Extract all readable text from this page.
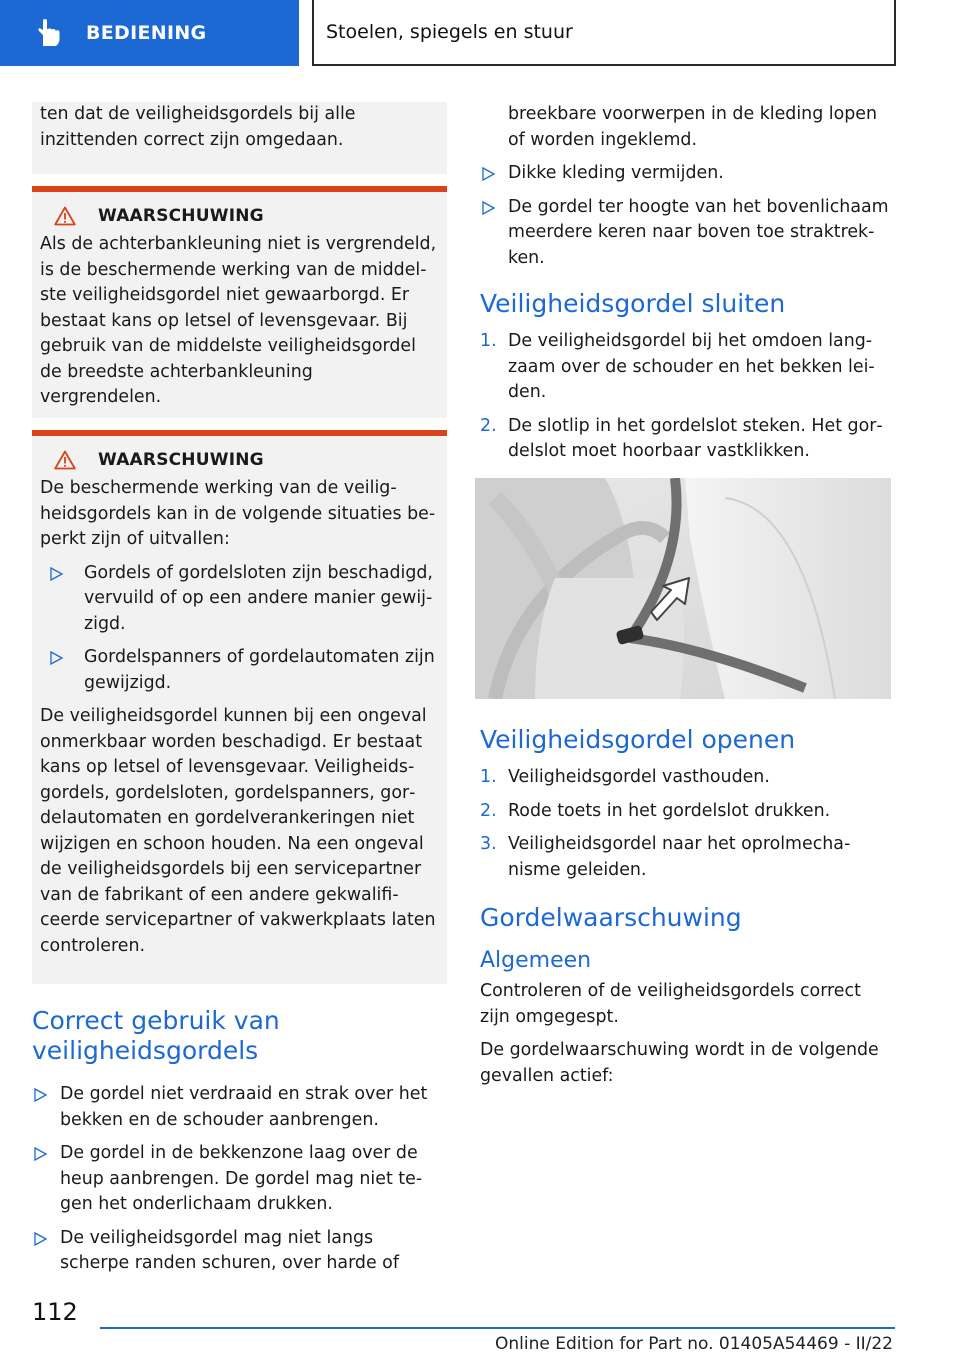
BEDIENING	Stoelen, spiegels en stuur

ten dat de veiligheidsgordels bij alle inzittenden correct zijn omgedaan.

WAARSCHUWING

Als de achterbankleuning niet is vergrendeld, is de beschermende werking van de middelste veiligheidsgordel niet gewaarborgd. Er bestaat kans op letsel of levensgevaar. Bij gebruik van de middelste veiligheidsgordel de breedste achterbankleuning vergrendelen.

WAARSCHUWING

De beschermende werking van de veiligheidsgordels kan in de volgende situaties beperkt zijn of uitvallen:

Gordels of gordelsloten zijn beschadigd, vervuild of op een andere manier gewijzigd.
Gordelspanners of gordelautomaten zijn gewijzigd.

De veiligheidsgordel kunnen bij een ongeval onmerkbaar worden beschadigd. Er bestaat kans op letsel of levensgevaar. Veiligheidsgordels, gordelsloten, gordelspanners, gordelautomaten en gordelverankeringen niet wijzigen en schoon houden. Na een ongeval de veiligheidsgordels bij een servicepartner van de fabrikant of een andere gekwalificeerde servicepartner of vakwerkplaats laten controleren.

Correct gebruik van veiligheidsgordels
De gordel niet verdraaid en strak over het bekken en de schouder aanbrengen.
De gordel in de bekkenzone laag over de heup aanbrengen. De gordel mag niet tegen het onderlichaam drukken.
De veiligheidsgordel mag niet langs scherpe randen schuren, over harde of

breekbare voorwerpen in de kleding lopen of worden ingeklemd.

Dikke kleding vermijden.
De gordel ter hoogte van het bovenlichaam meerdere keren naar boven toe straktrekken.
Veiligheidsgordel sluiten
1. De veiligheidsgordel bij het omdoen langzaam over de schouder en het bekken leiden.
2. De slotlip in het gordelslot steken. Het gordelslot moet hoorbaar vastklikken.
Veiligheidsgordel openen
1. Veiligheidsgordel vasthouden.
2. Rode toets in het gordelslot drukken.
3. Veiligheidsgordel naar het oprolmechanisme geleiden.
Gordelwaarschuwing
Algemeen

Controleren of de veiligheidsgordels correct zijn omgegespt.

De gordelwaarschuwing wordt in de volgende gevallen actief:

112
Online Edition for Part no. 01405A54469 - II/22
